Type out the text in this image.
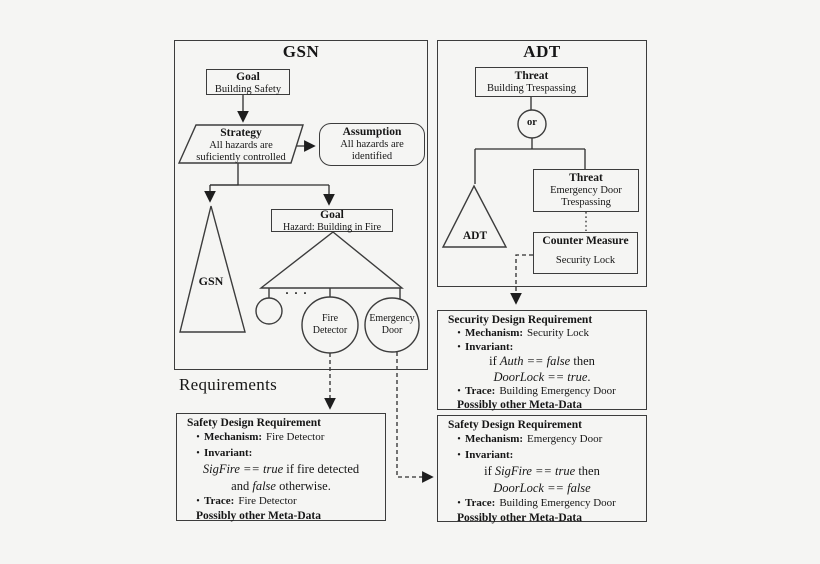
GSN
Goal
Building Safety
Strategy
All hazards are
suficiently controlled
Assumption
All hazards are
identified
Goal
Hazard: Building in Fire
GSN
· · ·
Fire
Detector
Emergency
Door
ADT
Threat
Building Trespassing
or
ADT
Threat
Emergency Door
Trespassing
Counter Measure
Security Lock
Requirements
Security Design Requirement
• Mechanism: Security Lock
• Invariant:
if Auth == false then
DoorLock == true.
• Trace: Building Emergency Door
Possibly other Meta-Data
Safety Design Requirement
• Mechanism: Fire Detector
• Invariant:
SigFire == true if fire detected
and false otherwise.
• Trace: Fire Detector
Possibly other Meta-Data
Safety Design Requirement
• Mechanism: Emergency Door
• Invariant:
if SigFire == true then
DoorLock == false
• Trace: Building Emergency Door
Possibly other Meta-Data
